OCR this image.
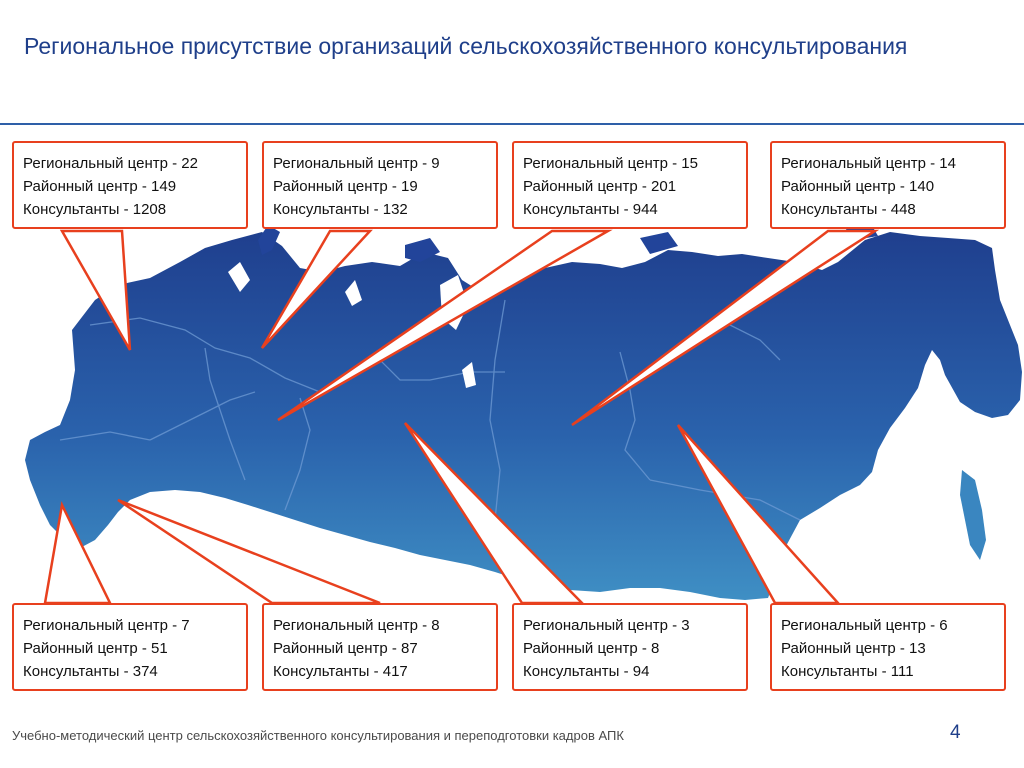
Региональное присутствие организаций сельскохозяйственного консультирования
Региональный центр - 22
Районный центр - 149
Консультанты - 1208
Региональный центр - 9
Районный центр - 19
Консультанты - 132
Региональный центр - 15
Районный центр - 201
Консультанты - 944
Региональный центр - 14
Районный центр - 140
Консультанты - 448
Региональный центр - 7
Районный центр - 51
Консультанты - 374
Региональный центр - 8
Районный центр - 87
Консультанты - 417
Региональный центр - 3
Районный центр - 8
Консультанты - 94
Региональный центр - 6
Районный центр - 13
Консультанты - 111
Учебно-методический центр сельскохозяйственного консультирования и переподготовки кадров АПК	4
